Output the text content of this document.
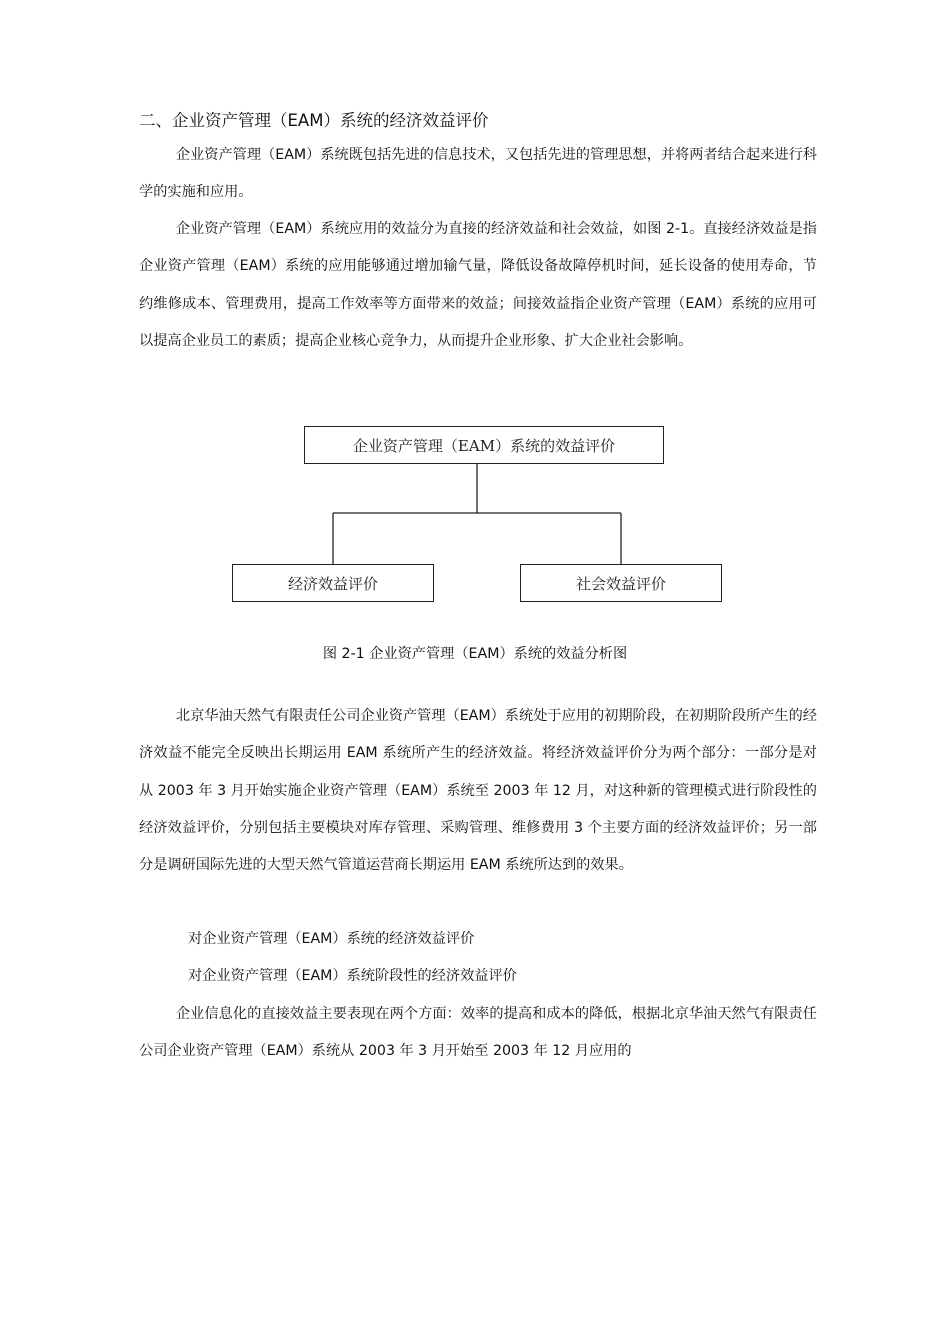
二、企业资产管理（EAM）系统的经济效益评价

企业资产管理（EAM）系统既包括先进的信息技术，又包括先进的管理思想，并将两者结合起来进行科学的实施和应用。

企业资产管理（EAM）系统应用的效益分为直接的经济效益和社会效益，如图 2-1。直接经济效益是指企业资产管理（EAM）系统的应用能够通过增加输气量，降低设备故障停机时间，延长设备的使用寿命，节约维修成本、管理费用，提高工作效率等方面带来的效益；间接效益指企业资产管理（EAM）系统的应用可以提高企业员工的素质；提高企业核心竞争力，从而提升企业形象、扩大企业社会影响。

企业资产管理（EAM）系统的效益评价
经济效益评价	社会效益评价

图 2-1 企业资产管理（EAM）系统的效益分析图

北京华油天然气有限责任公司企业资产管理（EAM）系统处于应用的初期阶段，在初期阶段所产生的经济效益不能完全反映出长期运用 EAM 系统所产生的经济效益。将经济效益评价分为两个部分：一部分是对从 2003 年 3 月开始实施企业资产管理（EAM）系统至 2003 年 12 月，对这种新的管理模式进行阶段性的经济效益评价，分别包括主要模块对库存管理、采购管理、维修费用 3 个主要方面的经济效益评价；另一部分是调研国际先进的大型天然气管道运营商长期运用 EAM 系统所达到的效果。

对企业资产管理（EAM）系统的经济效益评价

对企业资产管理（EAM）系统阶段性的经济效益评价

企业信息化的直接效益主要表现在两个方面：效率的提高和成本的降低，根据北京华油天然气有限责任公司企业资产管理（EAM）系统从 2003 年 3 月开始至 2003 年 12 月应用的
